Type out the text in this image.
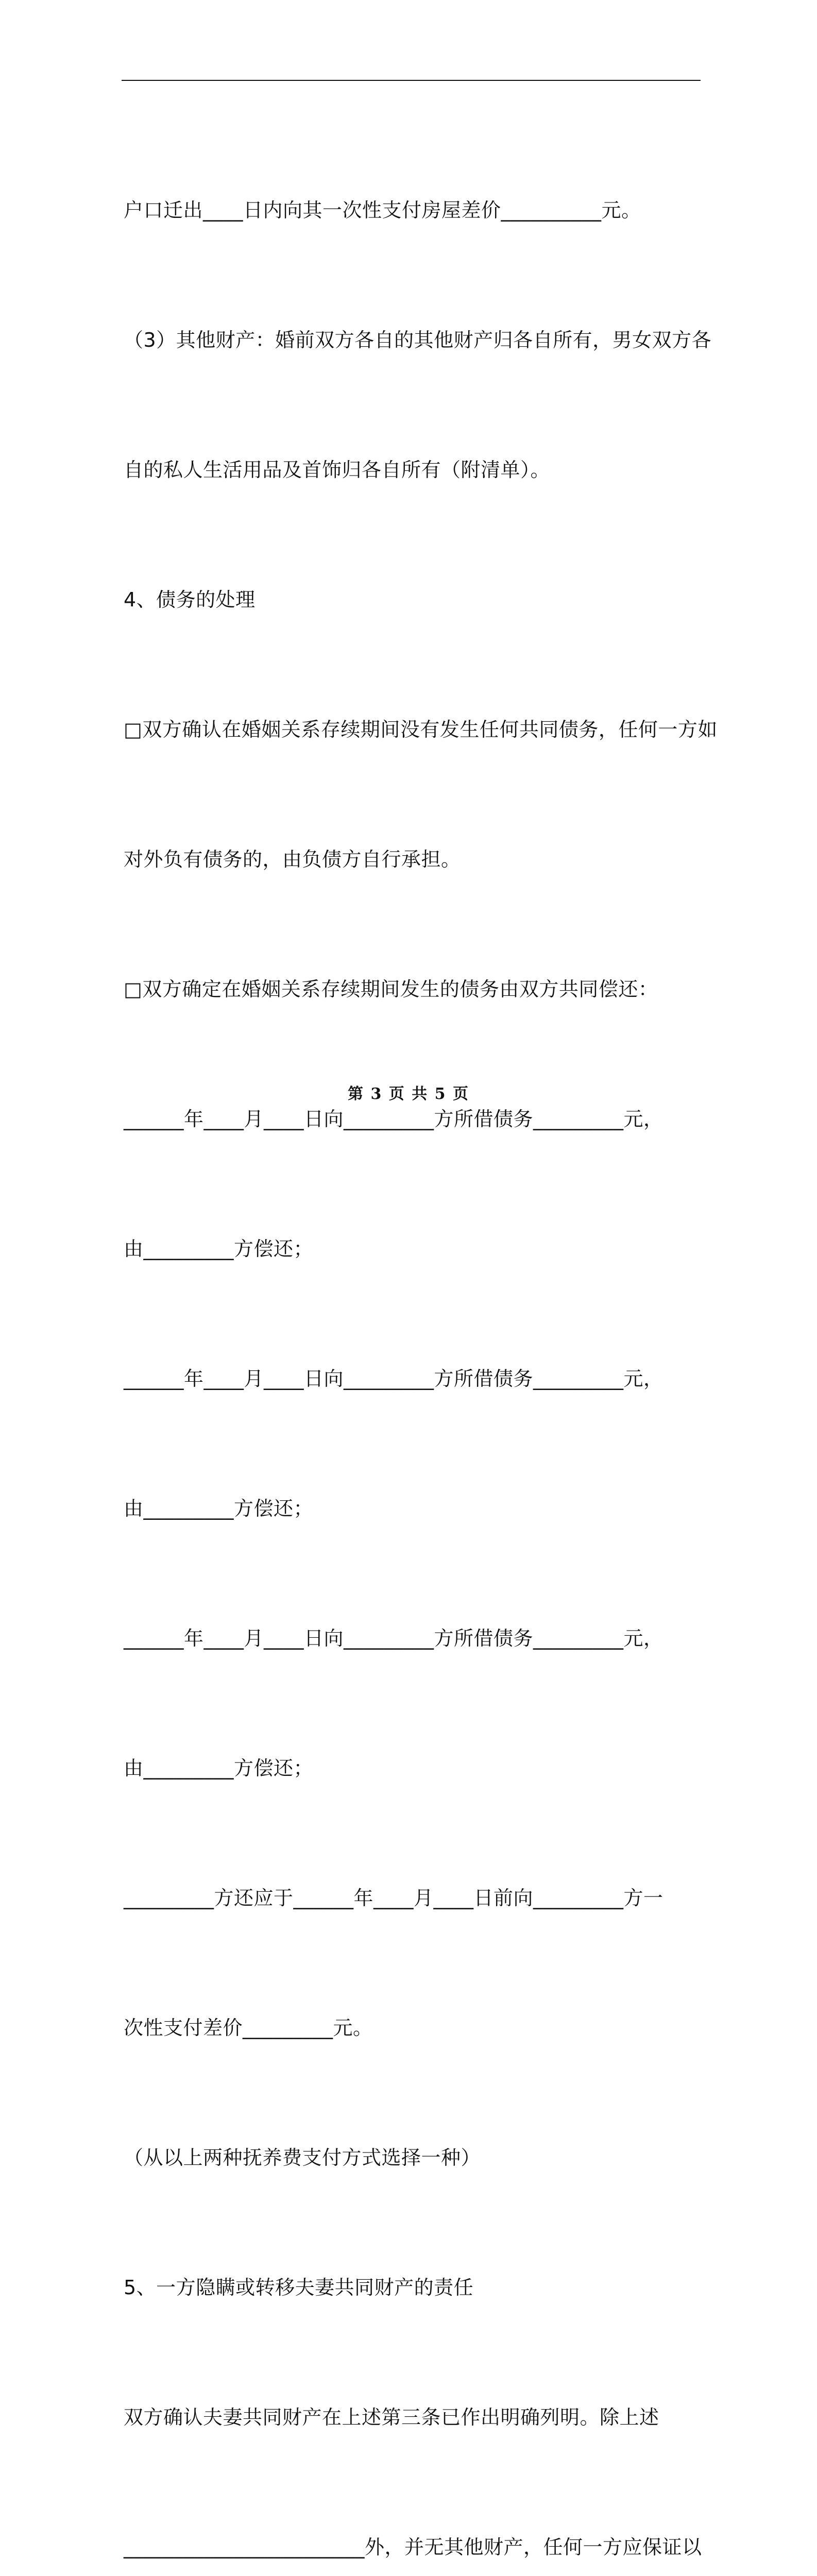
户口迁出____日内向其一次性支付房屋差价__________元。

（3）其他财产：婚前双方各自的其他财产归各自所有，男女双方各

自的私人生活用品及首饰归各自所有（附清单）。

4、债务的处理

□双方确认在婚姻关系存续期间没有发生任何共同债务，任何一方如

对外负有债务的，由负债方自行承担。

□双方确定在婚姻关系存续期间发生的债务由双方共同偿还：

______年____月____日向_________方所借债务_________元，

由_________方偿还；

______年____月____日向_________方所借债务_________元，

由_________方偿还；

______年____月____日向_________方所借债务_________元，

由_________方偿还；

_________方还应于______年____月____日前向_________方一

次性支付差价_________元。

（从以上两种抚养费支付方式选择一种）

5、一方隐瞒或转移夫妻共同财产的责任

双方确认夫妻共同财产在上述第三条已作出明确列明。除上述

________________________外，并无其他财产，任何一方应保证以

第 3 页 共 5 页
